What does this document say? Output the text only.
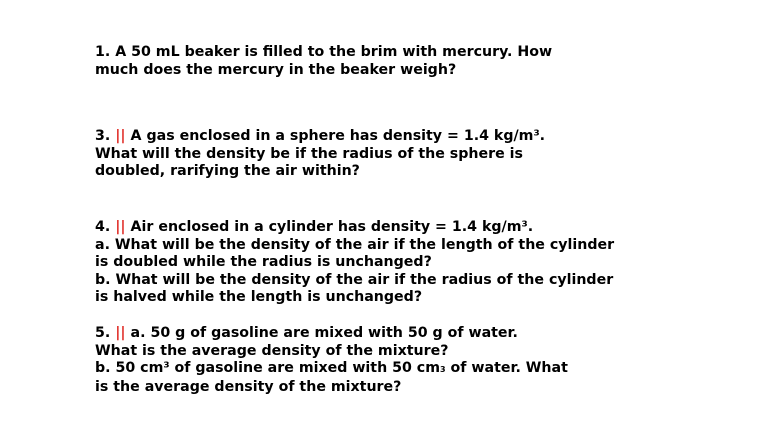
1. A 50 mL beaker is filled to the brim with mercury. How
much does the mercury in the beaker weigh?
3. || A gas enclosed in a sphere has density = 1.4 kg/m³.
What will the density be if the radius of the sphere is
doubled, rarifying the air within?
4. || Air enclosed in a cylinder has density = 1.4 kg/m³.
a. What will be the density of the air if the length of the cylinder
is doubled while the radius is unchanged?
b. What will be the density of the air if the radius of the cylinder
is halved while the length is unchanged?
5. || a. 50 g of gasoline are mixed with 50 g of water.
What is the average density of the mixture?
b. 50 cm³ of gasoline are mixed with 50 cm3 of water. What
is the average density of the mixture?
